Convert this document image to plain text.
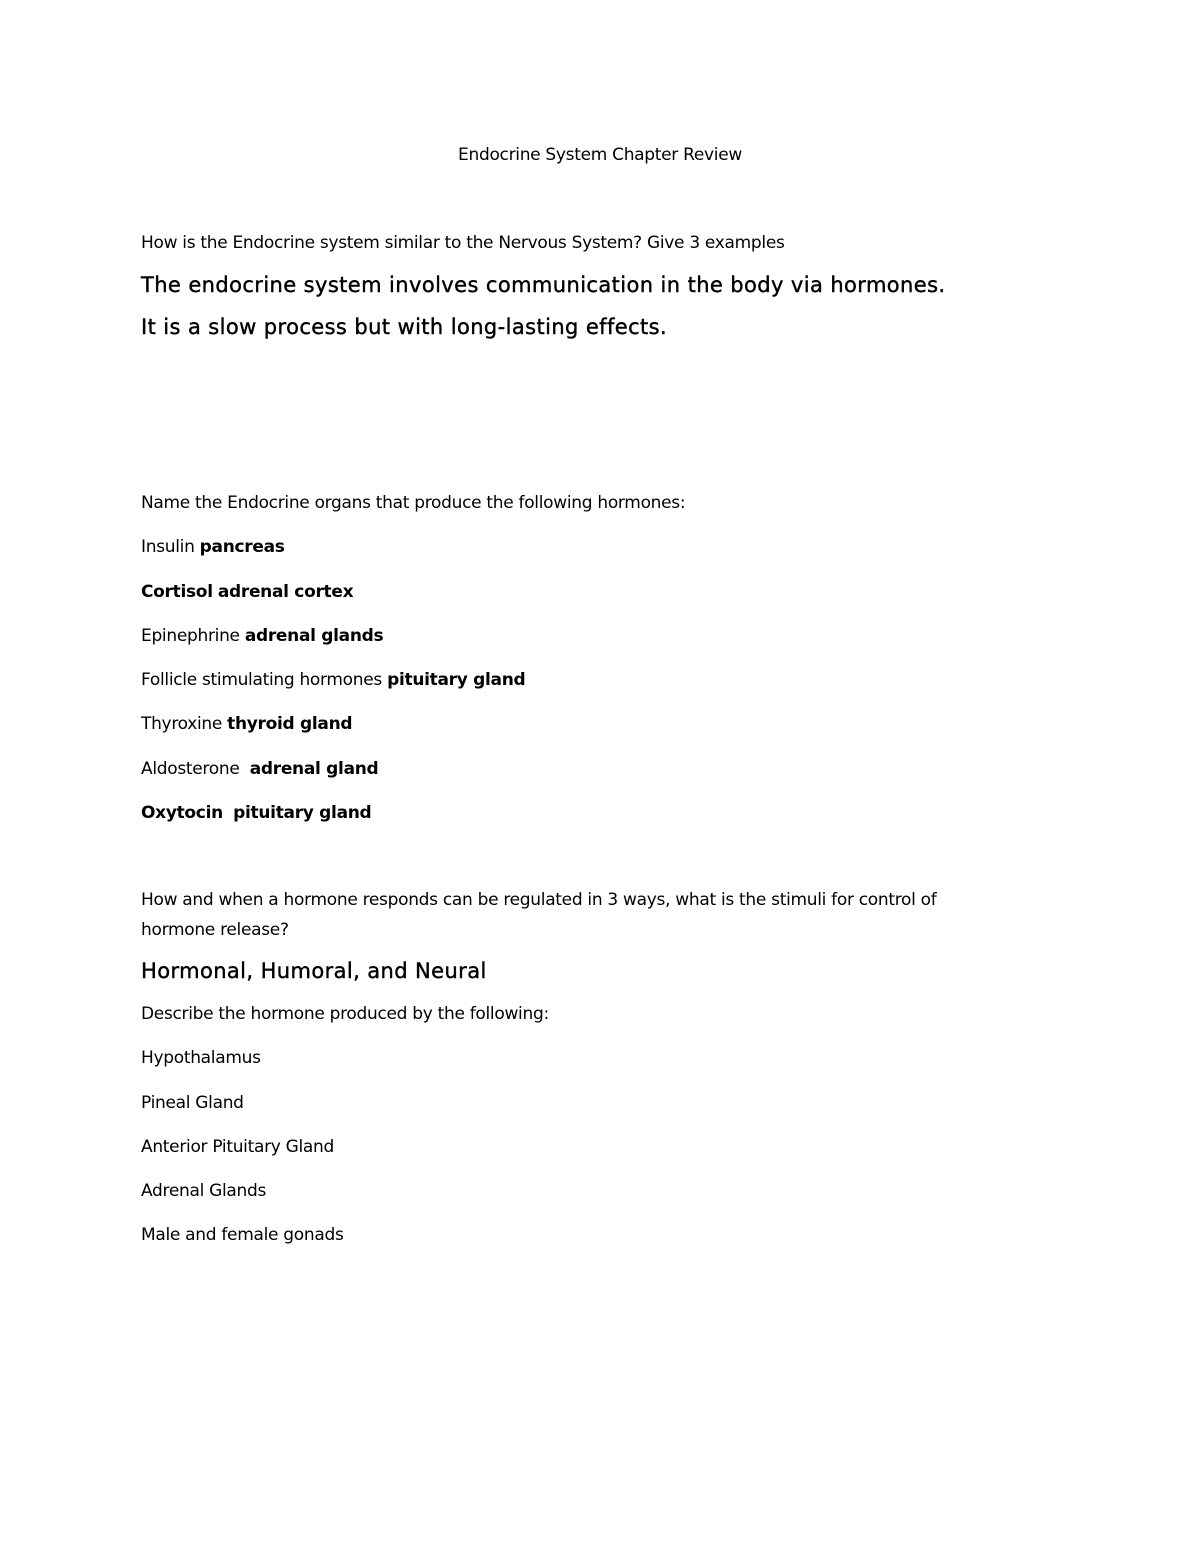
Endocrine System Chapter Review
How is the Endocrine system similar to the Nervous System? Give 3 examples
The endocrine system involves communication in the body via hormones.
It is a slow process but with long-lasting effects.
Name the Endocrine organs that produce the following hormones:
Insulin pancreas
Cortisol adrenal cortex
Epinephrine adrenal glands
Follicle stimulating hormones pituitary gland
Thyroxine thyroid gland
Aldosterone adrenal gland
Oxytocin pituitary gland
How and when a hormone responds can be regulated in 3 ways, what is the stimuli for control of
hormone release?
Hormonal, Humoral, and Neural
Describe the hormone produced by the following:
Hypothalamus
Pineal Gland
Anterior Pituitary Gland
Adrenal Glands
Male and female gonads
